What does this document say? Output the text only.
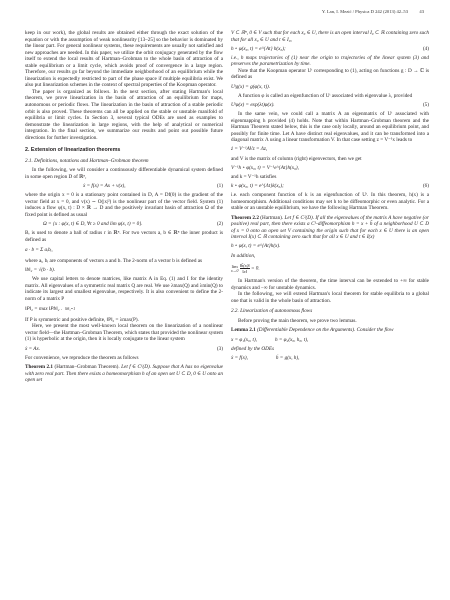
Y. Lan, I. Mezić / Physica D 242 (2013) 42–53 43

keep in our work), the global results are obtained either through the exact solution of the equation or with the assumption of weak nonlinearity [13–25] so the behavior is dominated by the linear part. For general nonlinear systems, these requirements are usually not satisfied and new approaches are needed. In this paper, we utilize the orbit conjugacy generated by the flow itself to extend the local results of Hartman–Grobman to the whole basin of attraction of a stable equilibrium or a limit cycle, which avoids proof of convergence in a large region. Therefore, our results go far beyond the immediate neighborhood of an equilibrium while the linearization is expectedly restricted to part of the phase space if multiple equilibria exist. We also put linearization schemes in the context of spectral properties of the Koopman operator.

The paper is organized as follows. In the next section, after stating Hartman's local theorem, we prove linearization in the basin of attraction of an equilibrium for maps, autonomous or periodic flows. The linearization in the basin of attraction of a stable periodic orbit is also proved. These theorems can all be applied on the stable or unstable manifold of equilibria or limit cycles. In Section 3, several typical ODEs are used as examples to demonstrate the linearization in large regions, with the help of analytical or numerical integration. In the final section, we summarize our results and point out possible future directions for further investigation.

2. Extension of linearization theorems
2.1. Definitions, notations and Hartman–Grobman theorem

In the following, we will consider a continuously differentiable dynamical system defined in some open region D of ℝⁿ,

ẋ = f(x) = Ax + v(x),	(1)

where the origin x = 0 is a stationary point contained in D, A = Df(0) is the gradient of the vector field at x = 0, and v(x) ∼ O(|x|²) is the nonlinear part of the vector field. System (1) induces a flow φ(x, t) : D × ℝ → D and the positively invariant basin of attraction Ω of the fixed point is defined as usual

Ω = {x : φ(x, t) ∈ D, ∀t ≥ 0 and lim φ(x, t) = 0}.	(2)

Bᵣ is used to denote a ball of radius r in ℝⁿ. For two vectors a, b ∈ ℝⁿ the inner product is defined as

a · b = Σ aᵢbᵢ,

where aᵢ, bᵢ are components of vectors a and b. The 2-norm of a vector b is defined as

‖b‖₂ = √(b · b).

We use capital letters to denote matrices, like matrix A in Eq. (1) and I for the identity matrix. All eigenvalues of a symmetric real matrix Q are real. We use λmax(Q) and λmin(Q) to indicate its largest and smallest eigenvalue, respectively. It is also convenient to define the 2-norm of a matrix P

‖P‖₂ = max ‖Pb‖₂ . ‖b‖₂=1

If P is symmetric and positive definite, ‖P‖₂ = λmax(P).

Here, we present the most well-known local theorem on the linearization of a nonlinear vector field—the Hartman–Grobman Theorem, which states that provided the nonlinear system (1) is hyperbolic at the origin, then it is locally conjugate to the linear system

ẋ = Ax.	(3)

For convenience, we reproduce the theorem as follows

Theorem 2.1 (Hartman–Grobman Theorem). Let f ∈ C¹(D). Suppose that A has no eigenvalue with zero real part. Then there exists a homeomorphism h of an open set U ⊂ D, 0 ∈ U onto an open set

V ⊂ ℝⁿ, 0 ∈ V such that for each x₀ ∈ U, there is an open interval I₀ ⊂ ℝ containing zero such that for all x₀ ∈ U and t ∈ I₀,

h ∘ φ(x₀, t) = e^{At} h(x₀);	(4)

i.e., h maps trajectories of (1) near the origin to trajectories of the linear system (3) and preserves the parametrization by time.

Note that the Koopman operator Uᵗ corresponding to (1), acting on functions g : D → ℂ is defined as

Uᵗg(x) = g(φ(x, t)).

A function φ is called an eigenfunction of Uᵗ associated with eigenvalue λ, provided

Uᵗφ(x) = exp(λt)φ(x).	(5)

In the same vein, we could call a matrix A an eigenmatrix of Uᵗ associated with eigenmapping h provided (4) holds. Note that within Hartman–Grobman theorem and the Hartman Theorem stated below, this is the case only locally, around an equilibrium point, and possibly for finite time. Let A have distinct real eigenvalues, and it can be transformed into a diagonal matrix Λ using a linear transformation V. In that case setting z = V⁻¹x leads to

ż = V⁻¹AVz = Λz,

and V is the matrix of column (right) eigenvectors, then we get

V⁻¹h ∘ φ(x₀, t) = V⁻¹e^{At}h(x₀),

and k = V⁻¹h satisfies

k ∘ φ(x₀, t) = e^{Λt}k(x₀);	(6)

i.e. each component function of k is an eigenfunction of Uᵗ. In this theorem, h(x) is a homeomorphism. Additional conditions may set h to be diffeomorphic or even analytic. For a stable or an unstable equilibrium, we have the following Hartman Theorem.

Theorem 2.2 (Hartman). Let f ∈ C²(D). If all the eigenvalues of the matrix A have negative (or positive) real part, then there exists a C¹-diffeomorphism h = x + h̃ of a neighborhood U ⊂ D of x = 0 onto an open set V containing the origin such that for each x ∈ U there is an open interval I(x) ⊂ ℝ containing zero such that for all x ∈ U and t ∈ I(x)

h ∘ φ(x, t) = e^{At}h(x).

In addition,

lim
x→0
$\frac{‖h̃(x)‖}{‖x‖} = 0$.

In Hartman's version of the theorem, the time interval can be extended to +∞ for stable dynamics and −∞ for unstable dynamics.

In the following, we will extend Hartman's local theorem for stable equilibria to a global one that is valid in the whole basin of attraction.

2.2. Linearization of autonomous flows

Before proving the main theorem, we prove two lemmas.

Lemma 2.1 (Differentiable Dependence on the Arguments). Consider the flow

x = φ₁(x₀, t),	h = φ₂(x₀, h₀, t),

defined by the ODEs

ẋ = f(x),	ḣ = g(x, h),
